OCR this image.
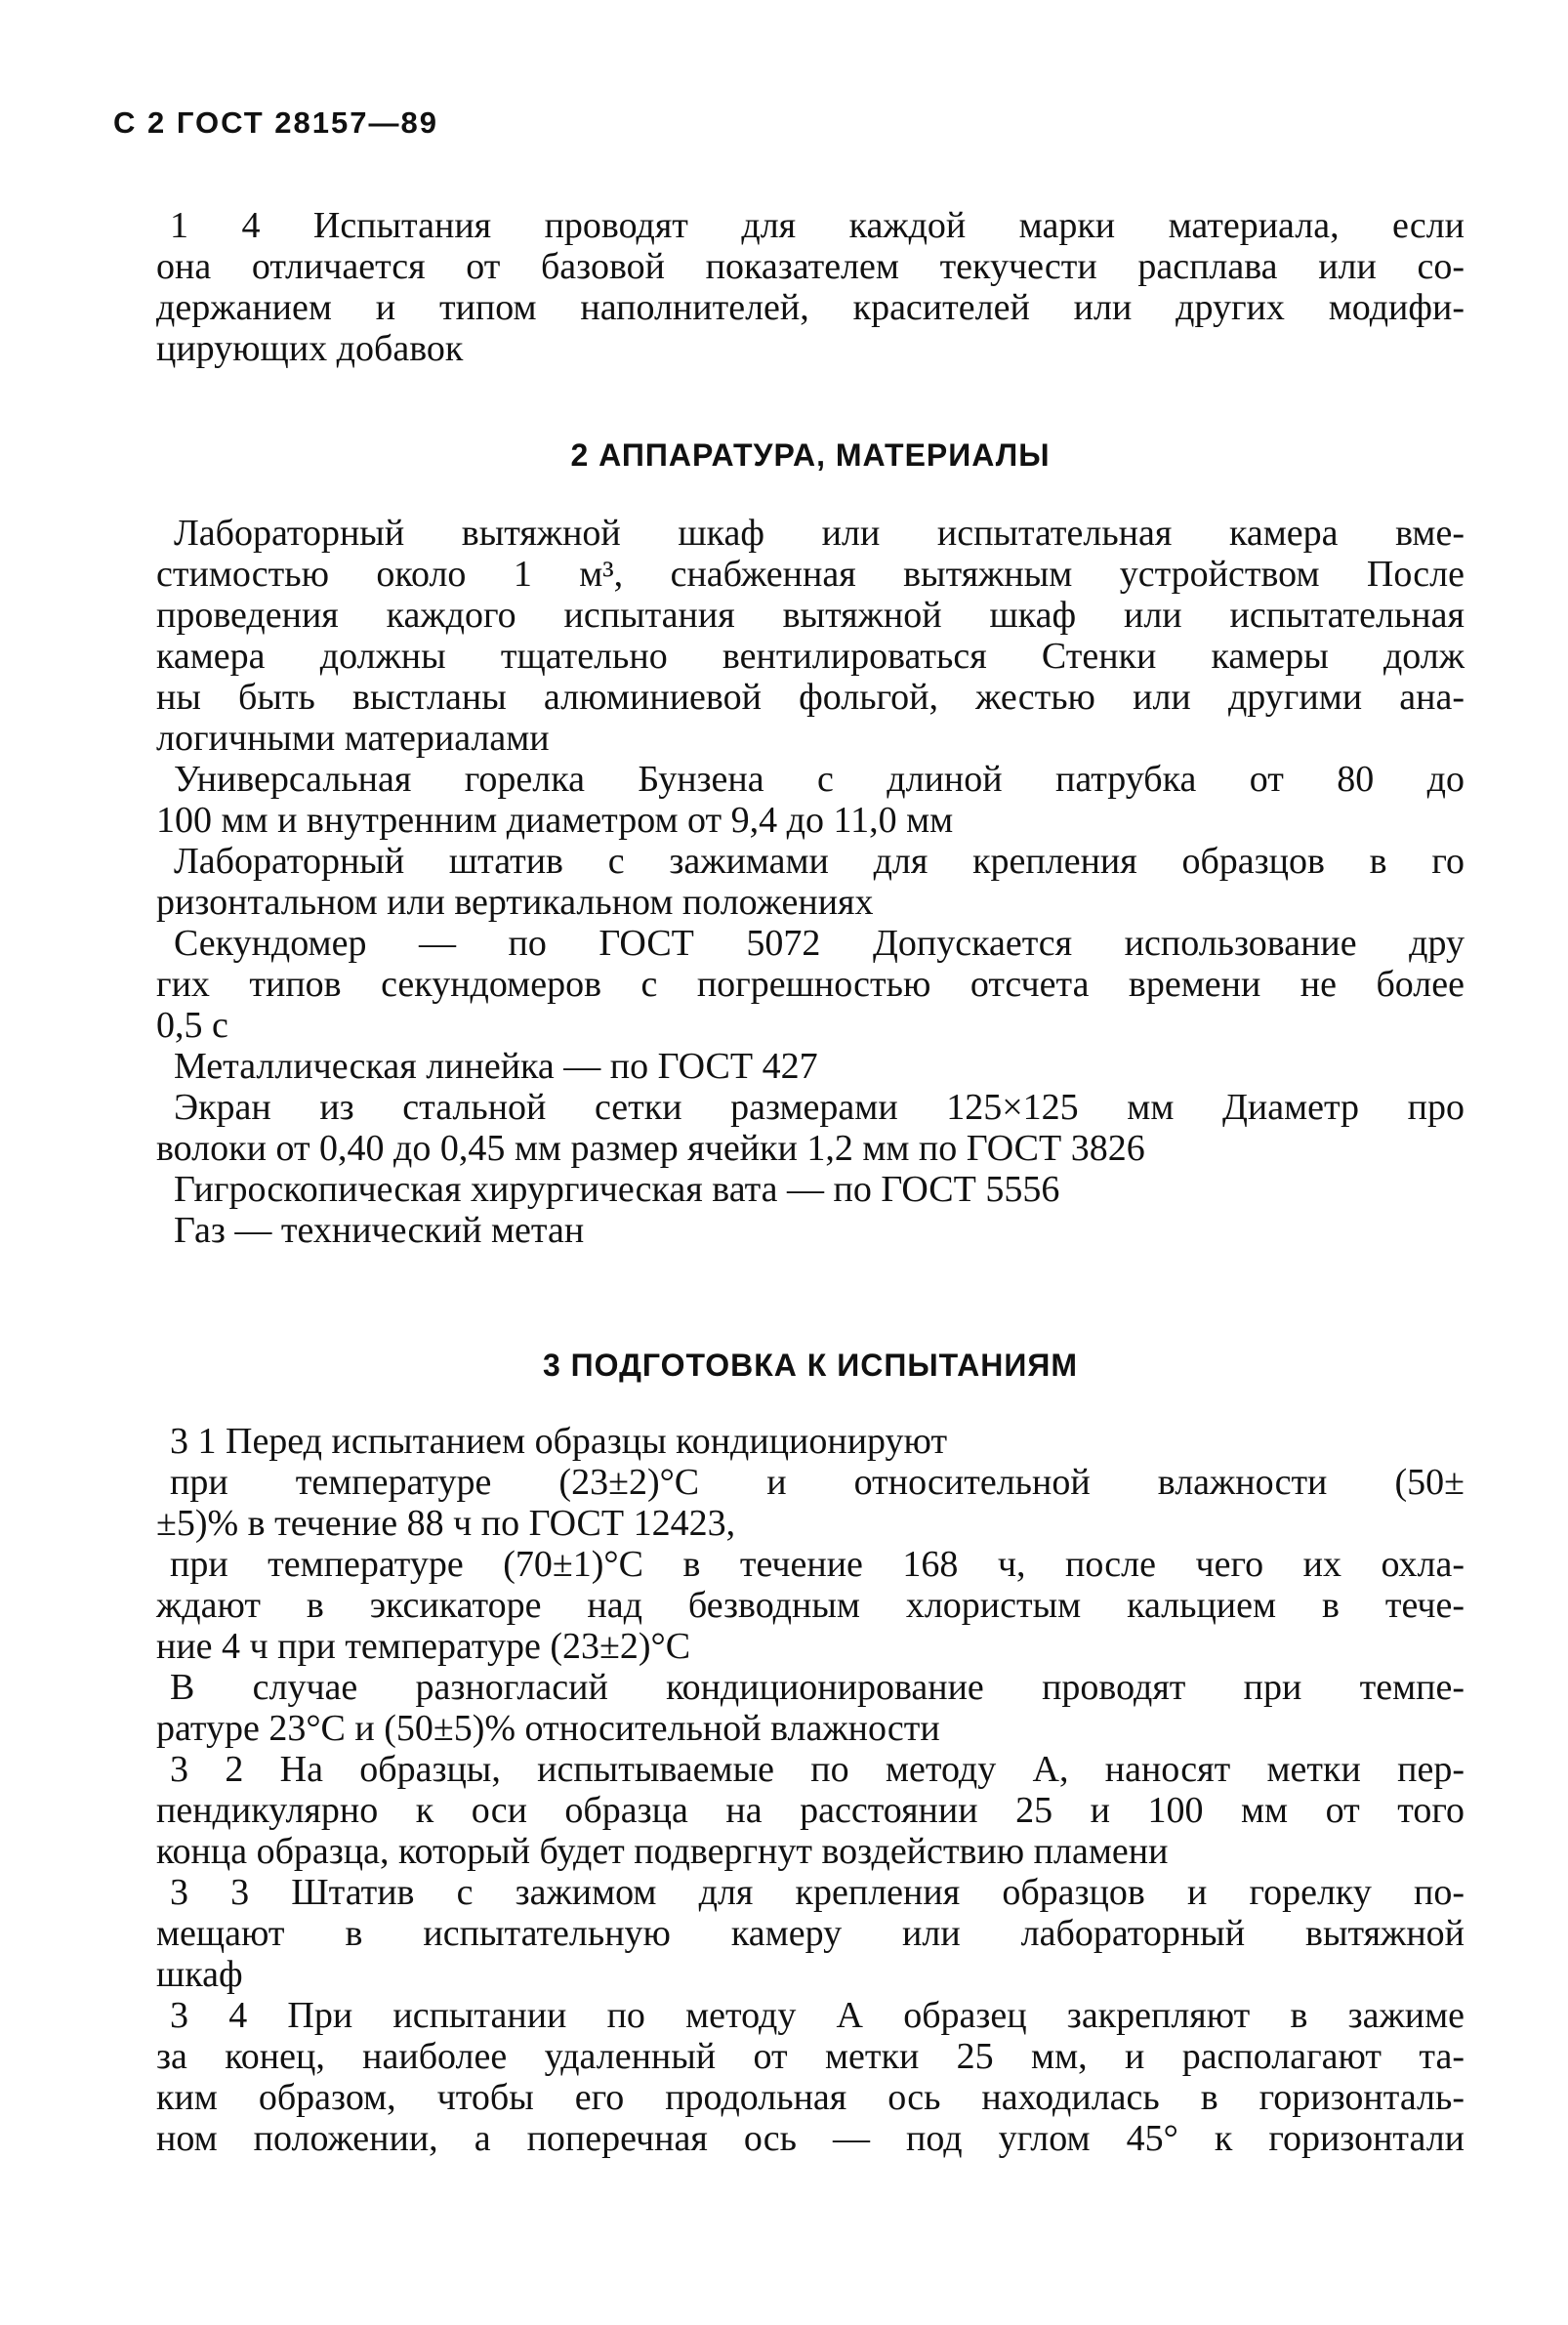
С 2 ГОСТ 28157—89
1 4 Испытания проводят для каждой марки материала, если
она отличается от базовой показателем текучести расплава или со-
держанием и типом наполнителей, красителей или других модифи-
цирующих добавок
2 АППАРАТУРА, МАТЕРИАЛЫ
Лабораторный вытяжной шкаф или испытательная камера вме-
стимостью около 1 м³, снабженная вытяжным устройством После
проведения каждого испытания вытяжной шкаф или испытательная
камера должны тщательно вентилироваться Стенки камеры долж
ны быть выстланы алюминиевой фольгой, жестью или другими ана-
логичными материалами
Универсальная горелка Бунзена с длиной патрубка от 80 до
100 мм и внутренним диаметром от 9,4 до 11,0 мм
Лабораторный штатив с зажимами для крепления образцов в го
ризонтальном или вертикальном положениях
Секундомер — по ГОСТ 5072 Допускается использование дру
гих типов секундомеров с погрешностью отсчета времени не более
0,5 с
Металлическая линейка — по ГОСТ 427
Экран из стальной сетки размерами 125×125 мм Диаметр про
волоки от 0,40 до 0,45 мм размер ячейки 1,2 мм по ГОСТ 3826
Гигроскопическая хирургическая вата — по ГОСТ 5556
Газ — технический метан
3 ПОДГОТОВКА К ИСПЫТАНИЯМ
3 1 Перед испытанием образцы кондиционируют
при температуре (23±2)°С и относительной влажности (50±
±5)% в течение 88 ч по ГОСТ 12423,
при температуре (70±1)°С в течение 168 ч, после чего их охла-
ждают в эксикаторе над безводным хлористым кальцием в тече-
ние 4 ч при температуре (23±2)°С
В случае разногласий кондиционирование проводят при темпе-
ратуре 23°С и (50±5)% относительной влажности
3 2 На образцы, испытываемые по методу А, наносят метки пер-
пендикулярно к оси образца на расстоянии 25 и 100 мм от того
конца образца, который будет подвергнут воздействию пламени
3 3 Штатив с зажимом для крепления образцов и горелку по-
мещают в испытательную камеру или лабораторный вытяжной
шкаф
3 4 При испытании по методу А образец закрепляют в зажиме
за конец, наиболее удаленный от метки 25 мм, и располагают та-
ким образом, чтобы его продольная ось находилась в горизонталь-
ном положении, а поперечная ось — под углом 45° к горизонтали
